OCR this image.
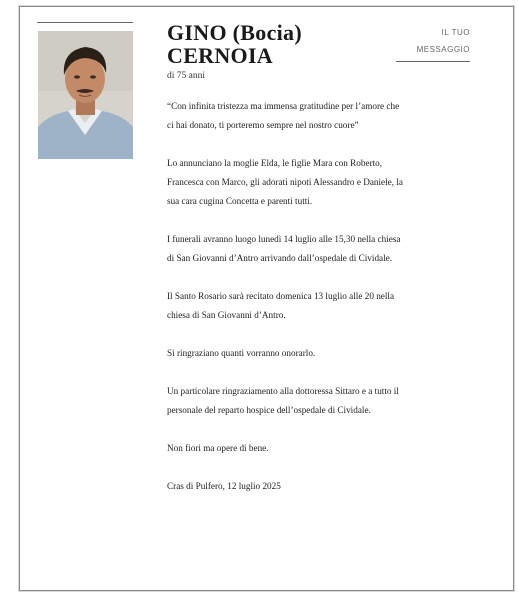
GINO (Bocia)
CERNOIA
di 75 anni
IL TUO
MESSAGGIO

“Con infinita tristezza ma immensa gratitudine per l’amore che ci hai donato, ti porteremo sempre nel nostro cuore”

Lo annunciano la moglie Elda, le figlie Mara con Roberto, Francesca con Marco, gli adorati nipoti Alessandro e Daniele, la sua cara cugina Concetta e parenti tutti.

I funerali avranno luogo lunedì 14 luglio alle 15,30 nella chiesa di San Giovanni d’Antro arrivando dall’ospedale di Cividale.

Il Santo Rosario sarà recitato domenica 13 luglio alle 20 nella chiesa di San Giovanni d’Antro.

Si ringraziano quanti vorranno onorarlo.

Un particolare ringraziamento alla dottoressa Sittaro e a tutto il personale del reparto hospice dell’ospedale di Cividale.

Non fiori ma opere di bene.

Cras di Pulfero, 12 luglio 2025
